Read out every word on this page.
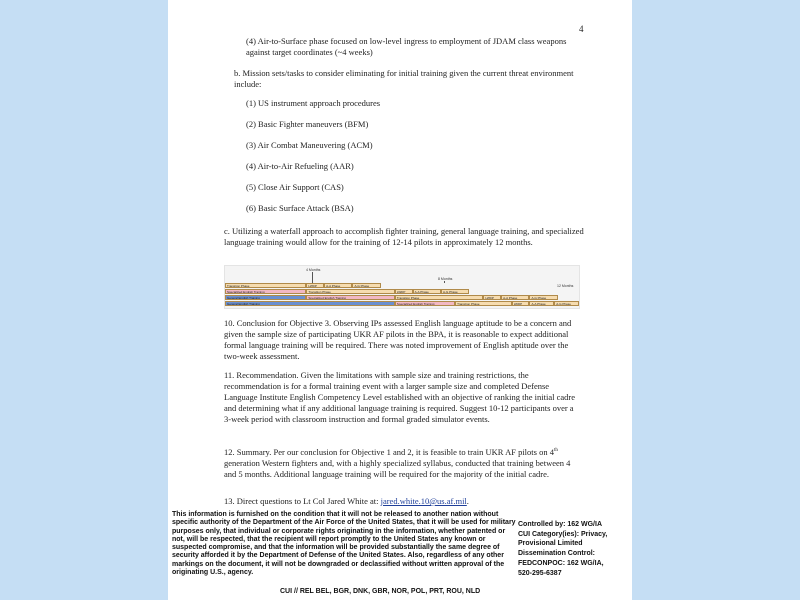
4

(4) Air-to-Surface phase focused on low-level ingress to employment of JDAM class weapons against target coordinates (~4 weeks)

b. Mission sets/tasks to consider eliminating for initial training given the current threat environment include:

(1) US instrument approach procedures

(2) Basic Fighter maneuvers (BFM)

(3) Air Combat Maneuvering (ACM)

(4) Air-to-Air Refueling (AAR)

(5) Close Air Support (CAS)

(6) Basic Surface Attack (BSA)

c. Utilizing a waterfall approach to accomplish fighter training, general language training, and specialized language training would allow for the training of 12-14 pilots in approximately 12 months.

4 Months
8 Months
12 Months
Transition Phase	LWDP	A-A Phase	A-G Phase
Specialized English Training	Transition Phase	LWDP	A-A Phase	A-G Phase
General English Training	Specialized English Training	Transition Phase	LWDP	A-A Phase	A-G Phase
General English Training	Specialized English Training	Transition Phase	LWDP	A-A Phase	A-G Phase

10. Conclusion for Objective 3. Observing IPs assessed English language aptitude to be a concern and given the sample size of participating UKR AF pilots in the BPA, it is reasonable to expect additional formal language training will be required. There was noted improvement of English aptitude over the two-week assessment.

11. Recommendation. Given the limitations with sample size and training restrictions, the recommendation is for a formal training event with a larger sample size and completed Defense Language Institute English Competency Level established with an objective of ranking the initial cadre and determining what if any additional language training is required. Suggest 10-12 participants over a 3-week period with classroom instruction and formal graded simulator events.

12. Summary. Per our conclusion for Objective 1 and 2, it is feasible to train UKR AF pilots on 4th generation Western fighters and, with a highly specialized syllabus, conducted that training between 4 and 5 months. Additional language training will be required for the majority of the initial cadre.

13. Direct questions to Lt Col Jared White at: jared.white.10@us.af.mil.

This information is furnished on the condition that it will not be released to another nation without specific authority of the Department of the Air Force of the United States, that it will be used for military purposes only, that individual or corporate rights originating in the information, whether patented or not, will be respected, that the recipient will report promptly to the United States any known or suspected compromise, and that the information will be provided substantially the same degree of security afforded it by the Department of Defense of the United States. Also, regardless of any other markings on the document, it will not be downgraded or declassified without written approval of the originating U.S., agency.

Controlled by: 162 WG/IA
CUI Category(ies): Privacy, Provisional Limited
Dissemination Control:
FEDCONPOC: 162 WG/IA,
520-295-6387
CUI // REL BEL, BGR, DNK, GBR, NOR, POL, PRT, ROU, NLD
